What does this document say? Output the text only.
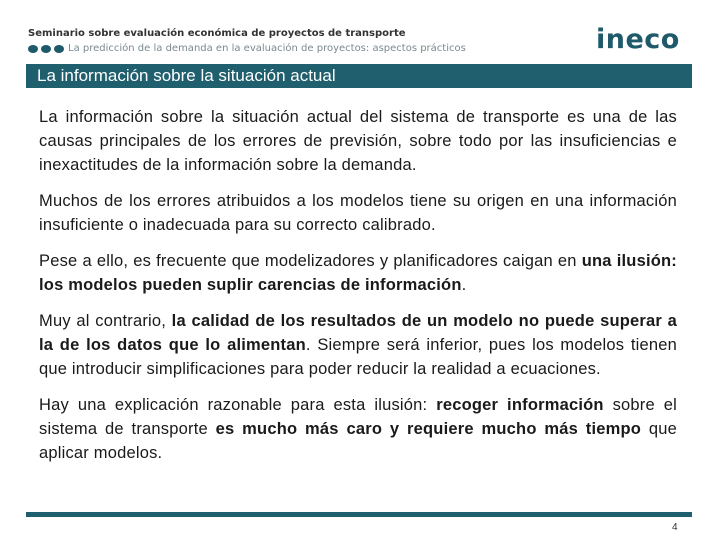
Seminario sobre evaluación económica de proyectos de transporte
La predicción de la demanda en la evaluación de proyectos: aspectos prácticos	ineco
La información sobre la situación actual

La información sobre la situación actual del sistema de transporte es una de las causas principales de los errores de previsión, sobre todo por las insuficiencias e inexactitudes de la información sobre la demanda.

Muchos de los errores atribuidos a los modelos tiene su origen en una información insuficiente o inadecuada para su correcto calibrado.

Pese a ello, es frecuente que modelizadores y planificadores caigan en una ilusión: los modelos pueden suplir carencias de información.

Muy al contrario, la calidad de los resultados de un modelo no puede superar a la de los datos que lo alimentan. Siempre será inferior, pues los modelos tienen que introducir simplificaciones para poder reducir la realidad a ecuaciones.

Hay una explicación razonable para esta ilusión: recoger información sobre el sistema de transporte es mucho más caro y requiere mucho más tiempo que aplicar modelos.

4
